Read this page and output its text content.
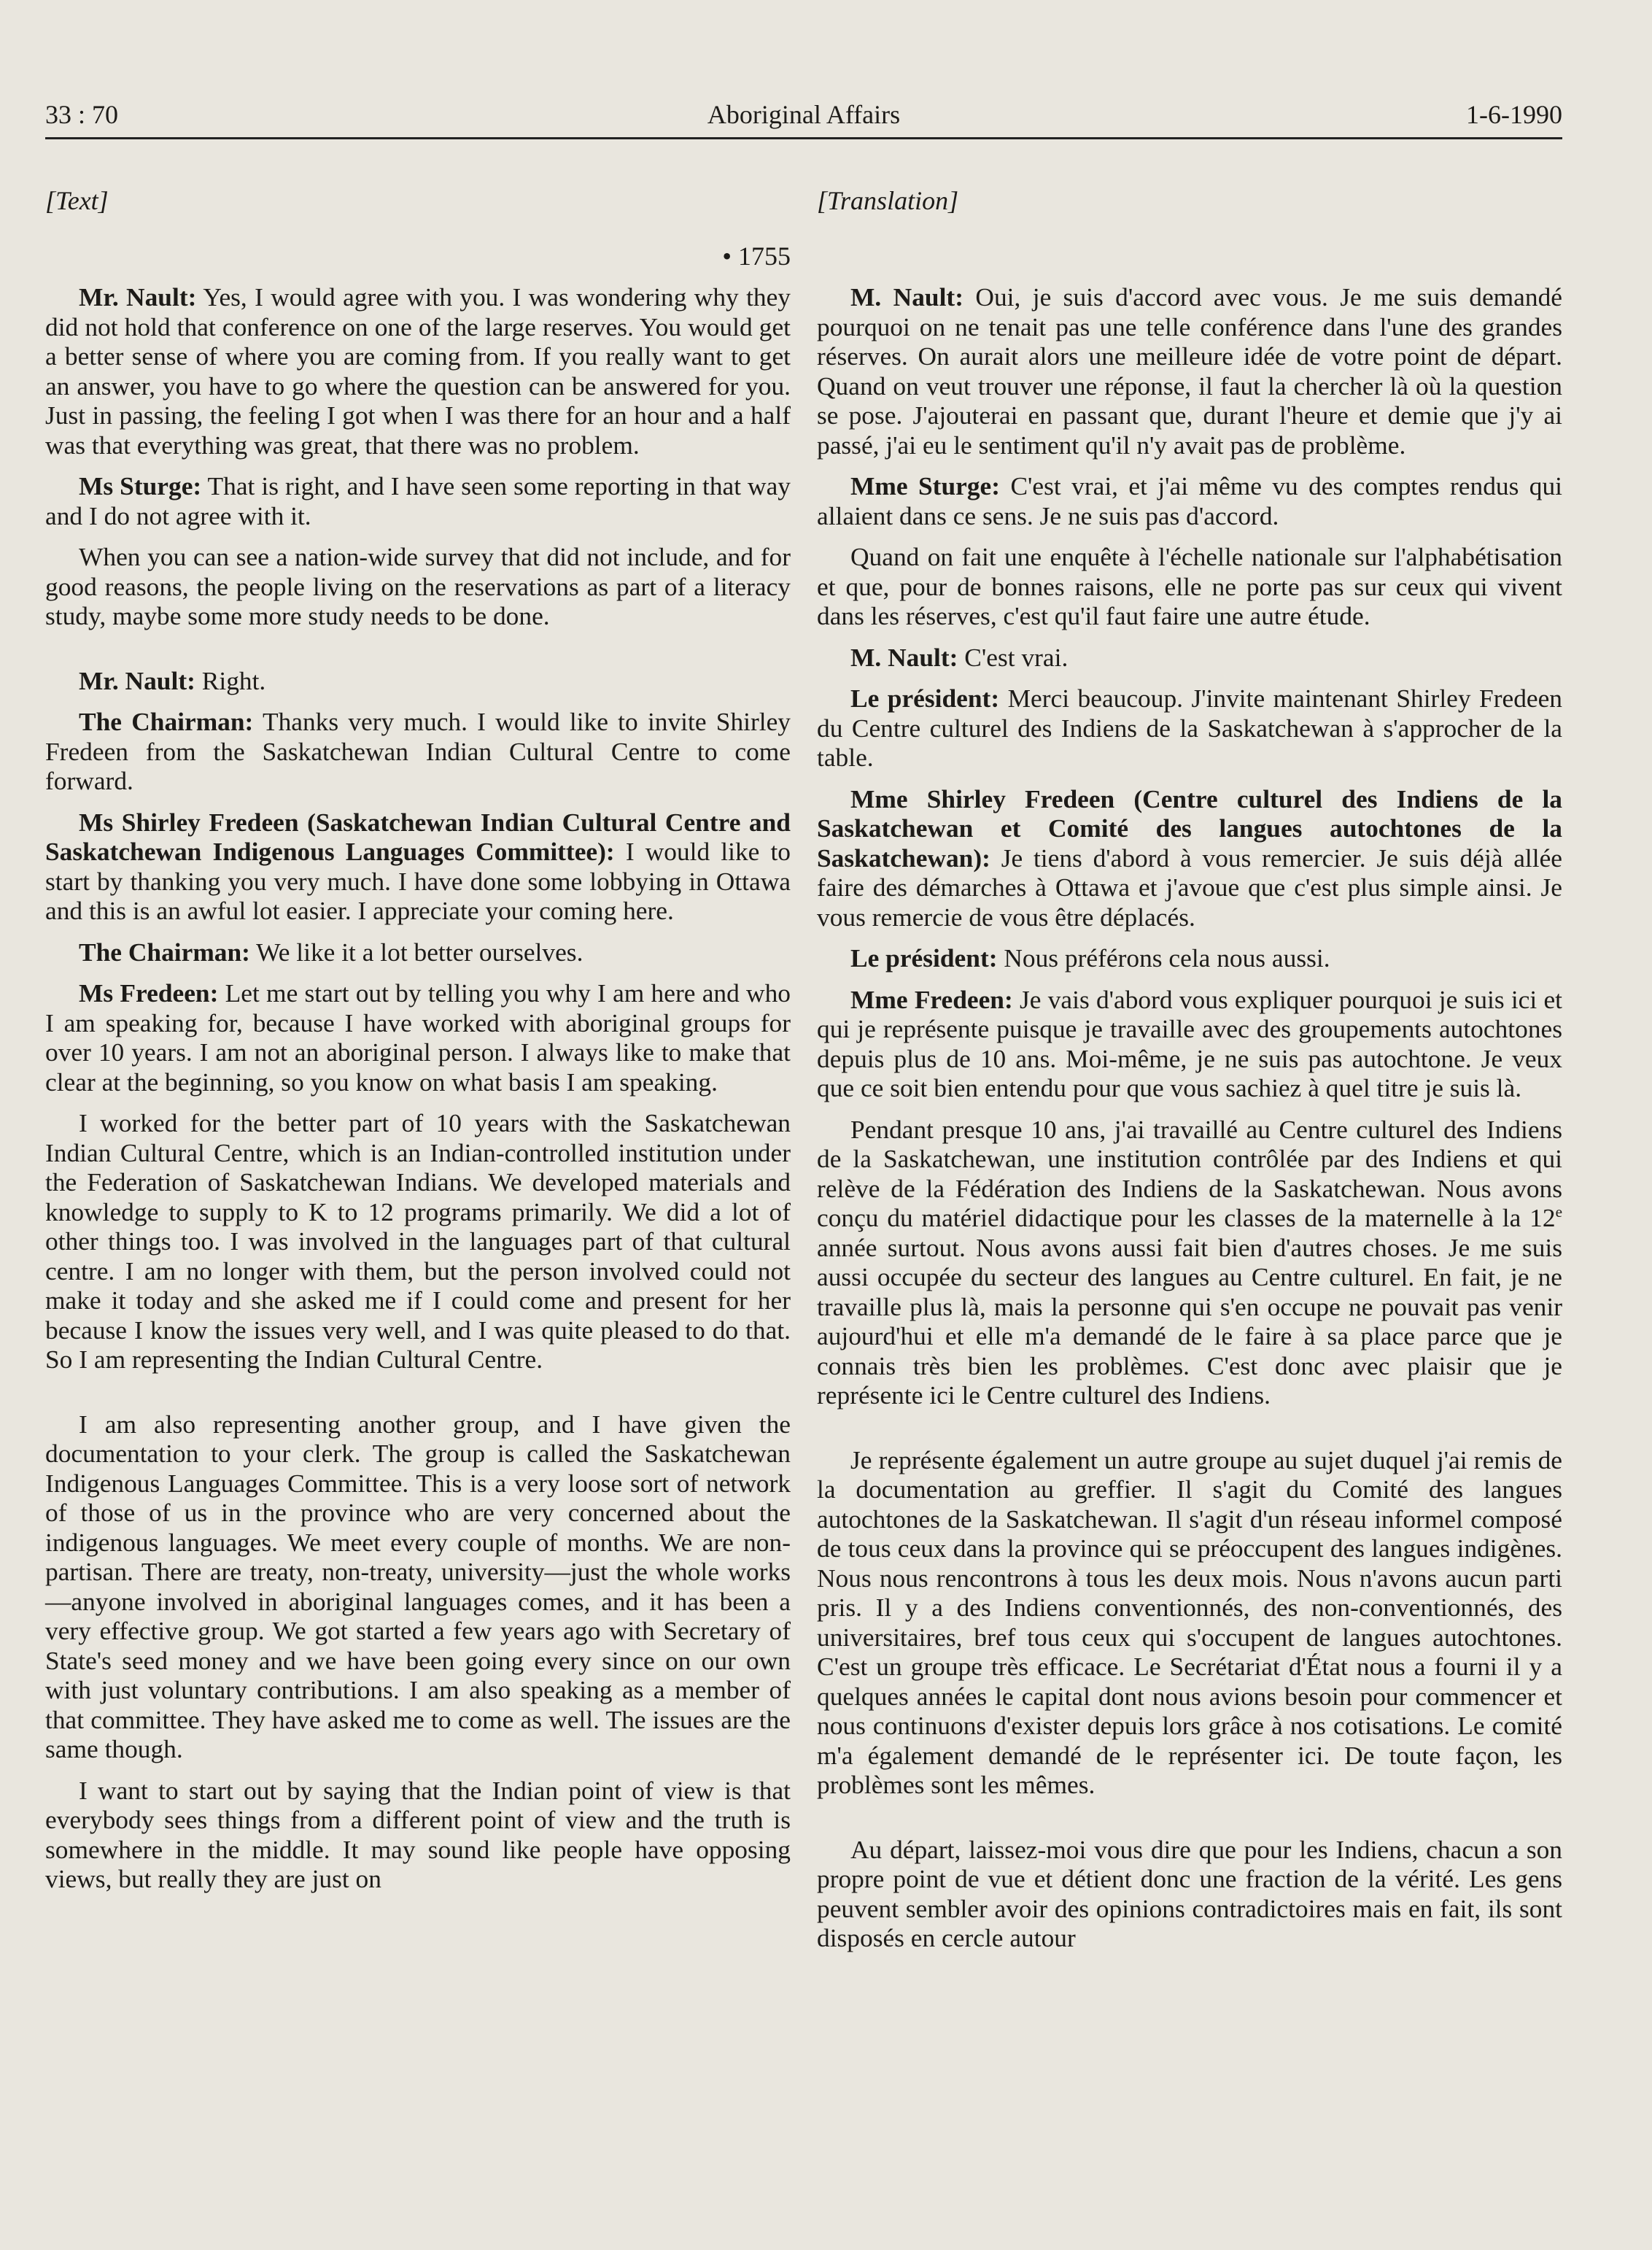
33 : 70	Aboriginal Affairs	1-6-1990
[Text]
• 1755

Mr. Nault: Yes, I would agree with you. I was wondering why they did not hold that conference on one of the large reserves. You would get a better sense of where you are coming from. If you really want to get an answer, you have to go where the question can be answered for you. Just in passing, the feeling I got when I was there for an hour and a half was that everything was great, that there was no problem.

Ms Sturge: That is right, and I have seen some reporting in that way and I do not agree with it.

When you can see a nation-wide survey that did not include, and for good reasons, the people living on the reservations as part of a literacy study, maybe some more study needs to be done.

Mr. Nault: Right.

The Chairman: Thanks very much. I would like to invite Shirley Fredeen from the Saskatchewan Indian Cultural Centre to come forward.

Ms Shirley Fredeen (Saskatchewan Indian Cultural Centre and Saskatchewan Indigenous Languages Committee): I would like to start by thanking you very much. I have done some lobbying in Ottawa and this is an awful lot easier. I appreciate your coming here.

The Chairman: We like it a lot better ourselves.

Ms Fredeen: Let me start out by telling you why I am here and who I am speaking for, because I have worked with aboriginal groups for over 10 years. I am not an aboriginal person. I always like to make that clear at the beginning, so you know on what basis I am speaking.

I worked for the better part of 10 years with the Saskatchewan Indian Cultural Centre, which is an Indian-controlled institution under the Federation of Saskatchewan Indians. We developed materials and knowledge to supply to K to 12 programs primarily. We did a lot of other things too. I was involved in the languages part of that cultural centre. I am no longer with them, but the person involved could not make it today and she asked me if I could come and present for her because I know the issues very well, and I was quite pleased to do that. So I am representing the Indian Cultural Centre.

I am also representing another group, and I have given the documentation to your clerk. The group is called the Saskatchewan Indigenous Languages Committee. This is a very loose sort of network of those of us in the province who are very concerned about the indigenous languages. We meet every couple of months. We are non-partisan. There are treaty, non-treaty, university—just the whole works—anyone involved in aboriginal languages comes, and it has been a very effective group. We got started a few years ago with Secretary of State's seed money and we have been going every since on our own with just voluntary contributions. I am also speaking as a member of that committee. They have asked me to come as well. The issues are the same though.

I want to start out by saying that the Indian point of view is that everybody sees things from a different point of view and the truth is somewhere in the middle. It may sound like people have opposing views, but really they are just on

[Translation]

M. Nault: Oui, je suis d'accord avec vous. Je me suis demandé pourquoi on ne tenait pas une telle conférence dans l'une des grandes réserves. On aurait alors une meilleure idée de votre point de départ. Quand on veut trouver une réponse, il faut la chercher là où la question se pose. J'ajouterai en passant que, durant l'heure et demie que j'y ai passé, j'ai eu le sentiment qu'il n'y avait pas de problème.

Mme Sturge: C'est vrai, et j'ai même vu des comptes rendus qui allaient dans ce sens. Je ne suis pas d'accord.

Quand on fait une enquête à l'échelle nationale sur l'alphabétisation et que, pour de bonnes raisons, elle ne porte pas sur ceux qui vivent dans les réserves, c'est qu'il faut faire une autre étude.

M. Nault: C'est vrai.

Le président: Merci beaucoup. J'invite maintenant Shirley Fredeen du Centre culturel des Indiens de la Saskatchewan à s'approcher de la table.

Mme Shirley Fredeen (Centre culturel des Indiens de la Saskatchewan et Comité des langues autochtones de la Saskatchewan): Je tiens d'abord à vous remercier. Je suis déjà allée faire des démarches à Ottawa et j'avoue que c'est plus simple ainsi. Je vous remercie de vous être déplacés.

Le président: Nous préférons cela nous aussi.

Mme Fredeen: Je vais d'abord vous expliquer pourquoi je suis ici et qui je représente puisque je travaille avec des groupements autochtones depuis plus de 10 ans. Moi-même, je ne suis pas autochtone. Je veux que ce soit bien entendu pour que vous sachiez à quel titre je suis là.

Pendant presque 10 ans, j'ai travaillé au Centre culturel des Indiens de la Saskatchewan, une institution contrôlée par des Indiens et qui relève de la Fédération des Indiens de la Saskatchewan. Nous avons conçu du matériel didactique pour les classes de la maternelle à la 12e année surtout. Nous avons aussi fait bien d'autres choses. Je me suis aussi occupée du secteur des langues au Centre culturel. En fait, je ne travaille plus là, mais la personne qui s'en occupe ne pouvait pas venir aujourd'hui et elle m'a demandé de le faire à sa place parce que je connais très bien les problèmes. C'est donc avec plaisir que je représente ici le Centre culturel des Indiens.

Je représente également un autre groupe au sujet duquel j'ai remis de la documentation au greffier. Il s'agit du Comité des langues autochtones de la Saskatchewan. Il s'agit d'un réseau informel composé de tous ceux dans la province qui se préoccupent des langues indigènes. Nous nous rencontrons à tous les deux mois. Nous n'avons aucun parti pris. Il y a des Indiens conventionnés, des non-conventionnés, des universitaires, bref tous ceux qui s'occupent de langues autochtones. C'est un groupe très efficace. Le Secrétariat d'État nous a fourni il y a quelques années le capital dont nous avions besoin pour commencer et nous continuons d'exister depuis lors grâce à nos cotisations. Le comité m'a également demandé de le représenter ici. De toute façon, les problèmes sont les mêmes.

Au départ, laissez-moi vous dire que pour les Indiens, chacun a son propre point de vue et détient donc une fraction de la vérité. Les gens peuvent sembler avoir des opinions contradictoires mais en fait, ils sont disposés en cercle autour
